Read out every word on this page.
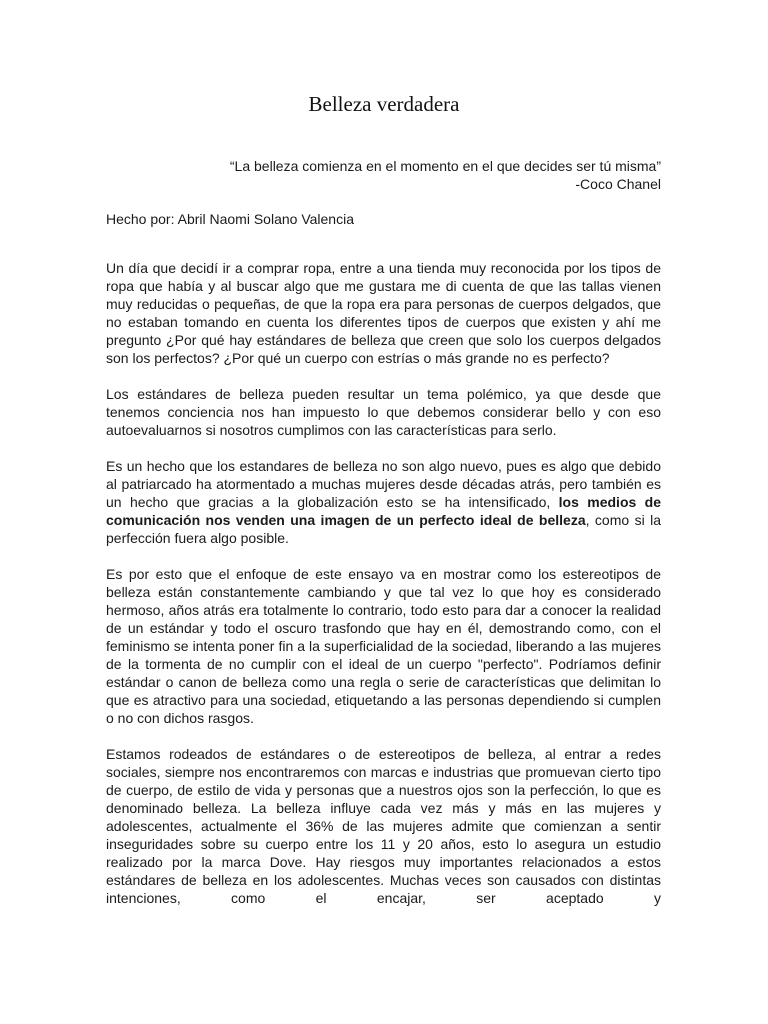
Belleza verdadera
“La belleza comienza en el momento en el que decides ser tú misma”
-Coco Chanel

Hecho por: Abril Naomi Solano Valencia

Un día que decidí ir a comprar ropa, entre a una tienda muy reconocida por los tipos de ropa que había y al buscar algo que me gustara me di cuenta de que las tallas vienen muy reducidas o pequeñas, de que la ropa era para personas de cuerpos delgados, que no estaban tomando en cuenta los diferentes tipos de cuerpos que existen y ahí me pregunto ¿Por qué hay estándares de belleza que creen que solo los cuerpos delgados son los perfectos? ¿Por qué un cuerpo con estrías o más grande no es perfecto?

Los estándares de belleza pueden resultar un tema polémico, ya que desde que tenemos conciencia nos han impuesto lo que debemos considerar bello y con eso autoevaluarnos si nosotros cumplimos con las características para serlo.

Es un hecho que los estandares de belleza no son algo nuevo, pues es algo que debido al patriarcado ha atormentado a muchas mujeres desde décadas atrás, pero también es un hecho que gracias a la globalización esto se ha intensificado, los medios de comunicación nos venden una imagen de un perfecto ideal de belleza, como si la perfección fuera algo posible.

Es por esto que el enfoque de este ensayo va en mostrar como los estereotipos de belleza están constantemente cambiando y que tal vez lo que hoy es considerado hermoso, años atrás era totalmente lo contrario, todo esto para dar a conocer la realidad de un estándar y todo el oscuro trasfondo que hay en él, demostrando como, con el feminismo se intenta poner fin a la superficialidad de la sociedad, liberando a las mujeres de la tormenta de no cumplir con el ideal de un cuerpo "perfecto". Podríamos definir estándar o canon de belleza como una regla o serie de características que delimitan lo que es atractivo para una sociedad, etiquetando a las personas dependiendo si cumplen o no con dichos rasgos.

Estamos rodeados de estándares o de estereotipos de belleza, al entrar a redes sociales, siempre nos encontraremos con marcas e industrias que promuevan cierto tipo de cuerpo, de estilo de vida y personas que a nuestros ojos son la perfección, lo que es denominado belleza. La belleza influye cada vez más y más en las mujeres y adolescentes, actualmente el 36% de las mujeres admite que comienzan a sentir inseguridades sobre su cuerpo entre los 11 y 20 años, esto lo asegura un estudio realizado por la marca Dove. Hay riesgos muy importantes relacionados a estos estándares de belleza en los adolescentes. Muchas veces son causados con distintas intenciones, como el encajar, ser aceptado y
